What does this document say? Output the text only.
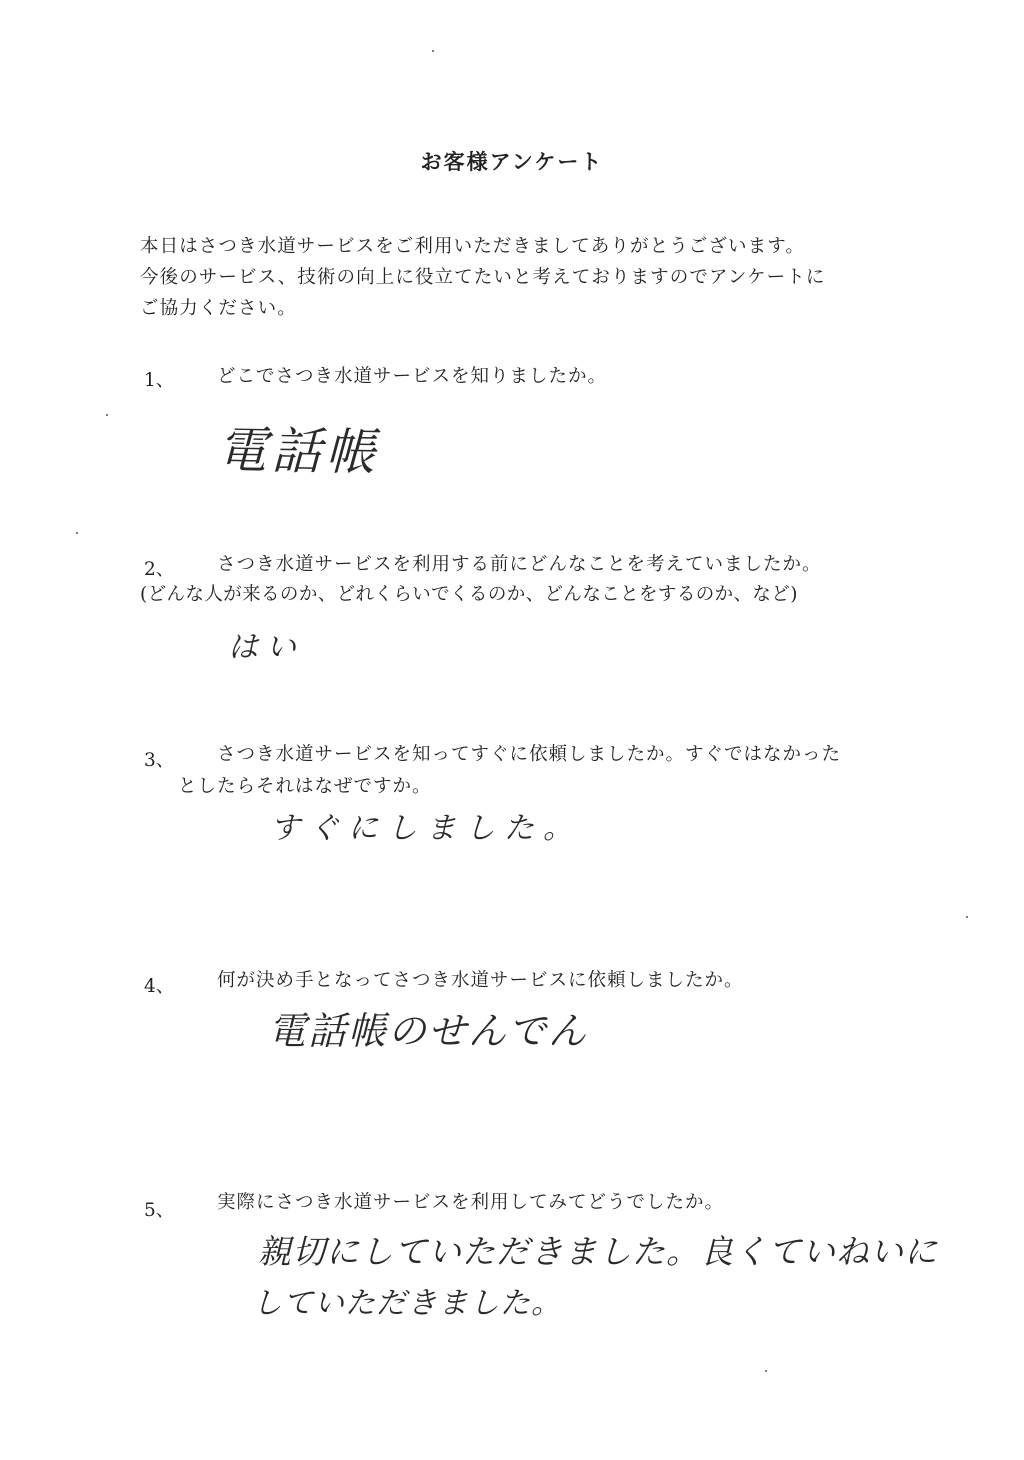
お客様アンケート

本日はさつき水道サービスをご利用いただきましてありがとうございます。

今後のサービス、技術の向上に役立てたいと考えておりますのでアンケートに

ご協力ください。

1、 どこでさつき水道サービスを知りましたか。
電話帳
2、 さつき水道サービスを利用する前にどんなことを考えていましたか。
(どんな人が来るのか、どれくらいでくるのか、どんなことをするのか、など)
はい
3、 さつき水道サービスを知ってすぐに依頼しましたか。すぐではなかった
としたらそれはなぜですか。
すぐにしました。
4、 何が決め手となってさつき水道サービスに依頼しましたか。
電話帳のせんでん
5、 実際にさつき水道サービスを利用してみてどうでしたか。
親切にしていただきました。良くていねいに
していただきました。
